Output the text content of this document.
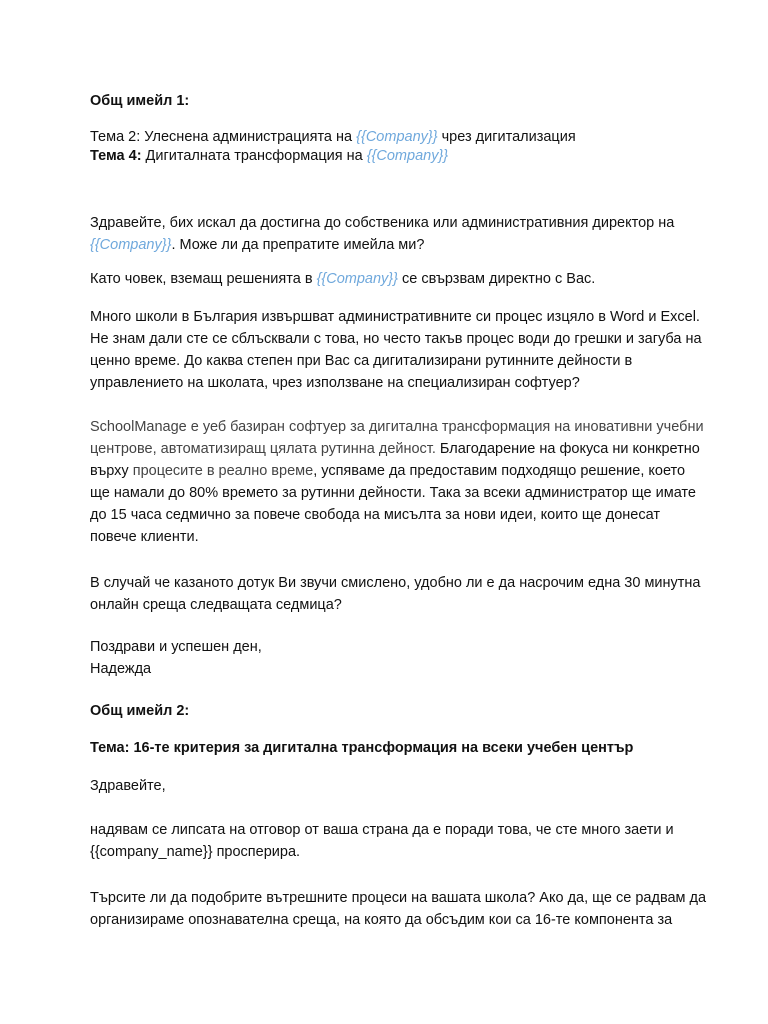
Общ имейл 1:

Тема 2: Улеснена администрацията на {{Company}} чрез дигитализация
Тема 4: Дигиталната трансформация на {{Company}}

Здравейте, бих искал да достигна до собственика или административния директор на
{{Company}}. Може ли да препратите имейла ми?

Като човек, вземащ решенията в {{Company}} се свързвам директно с Вас.

Много школи в България извършват административните си процес изцяло в Word и Excel.
Не знам дали сте се сблъсквали с това, но често такъв процес води до грешки и загуба на
ценно време. До каква степен при Вас са дигитализирани рутинните дейности в
управлението на школата, чрез използване на специализиран софтуер?

SchoolManage е уеб базиран софтуер за дигитална трансформация на иновативни учебни
центрове, автоматизиращ цялата рутинна дейност. Благодарение на фокуса ни конкретно
върху процесите в реално време, успяваме да предоставим подходящо решение, което
ще намали до 80% времето за рутинни дейности. Така за всеки администратор ще имате
до 15 часа седмично за повече свобода на мисълта за нови идеи, които ще донесат
повече клиенти.

В случай че казаното дотук Ви звучи смислено, удобно ли е да насрочим една 30 минутна
онлайн среща следващата седмица?

Поздрави и успешен ден,
Надежда

Общ имейл 2:

Тема: 16-те критерия за дигитална трансформация на всеки учебен център

Здравейте,

надявам се липсата на отговор от ваша страна да е поради това, че сте много заети и
{{company_name}} просперира.

Търсите ли да подобрите вътрешните процеси на вашата школа? Ако да, ще се радвам да
организираме опознавателна среща, на която да обсъдим кои са 16-те компонента за
